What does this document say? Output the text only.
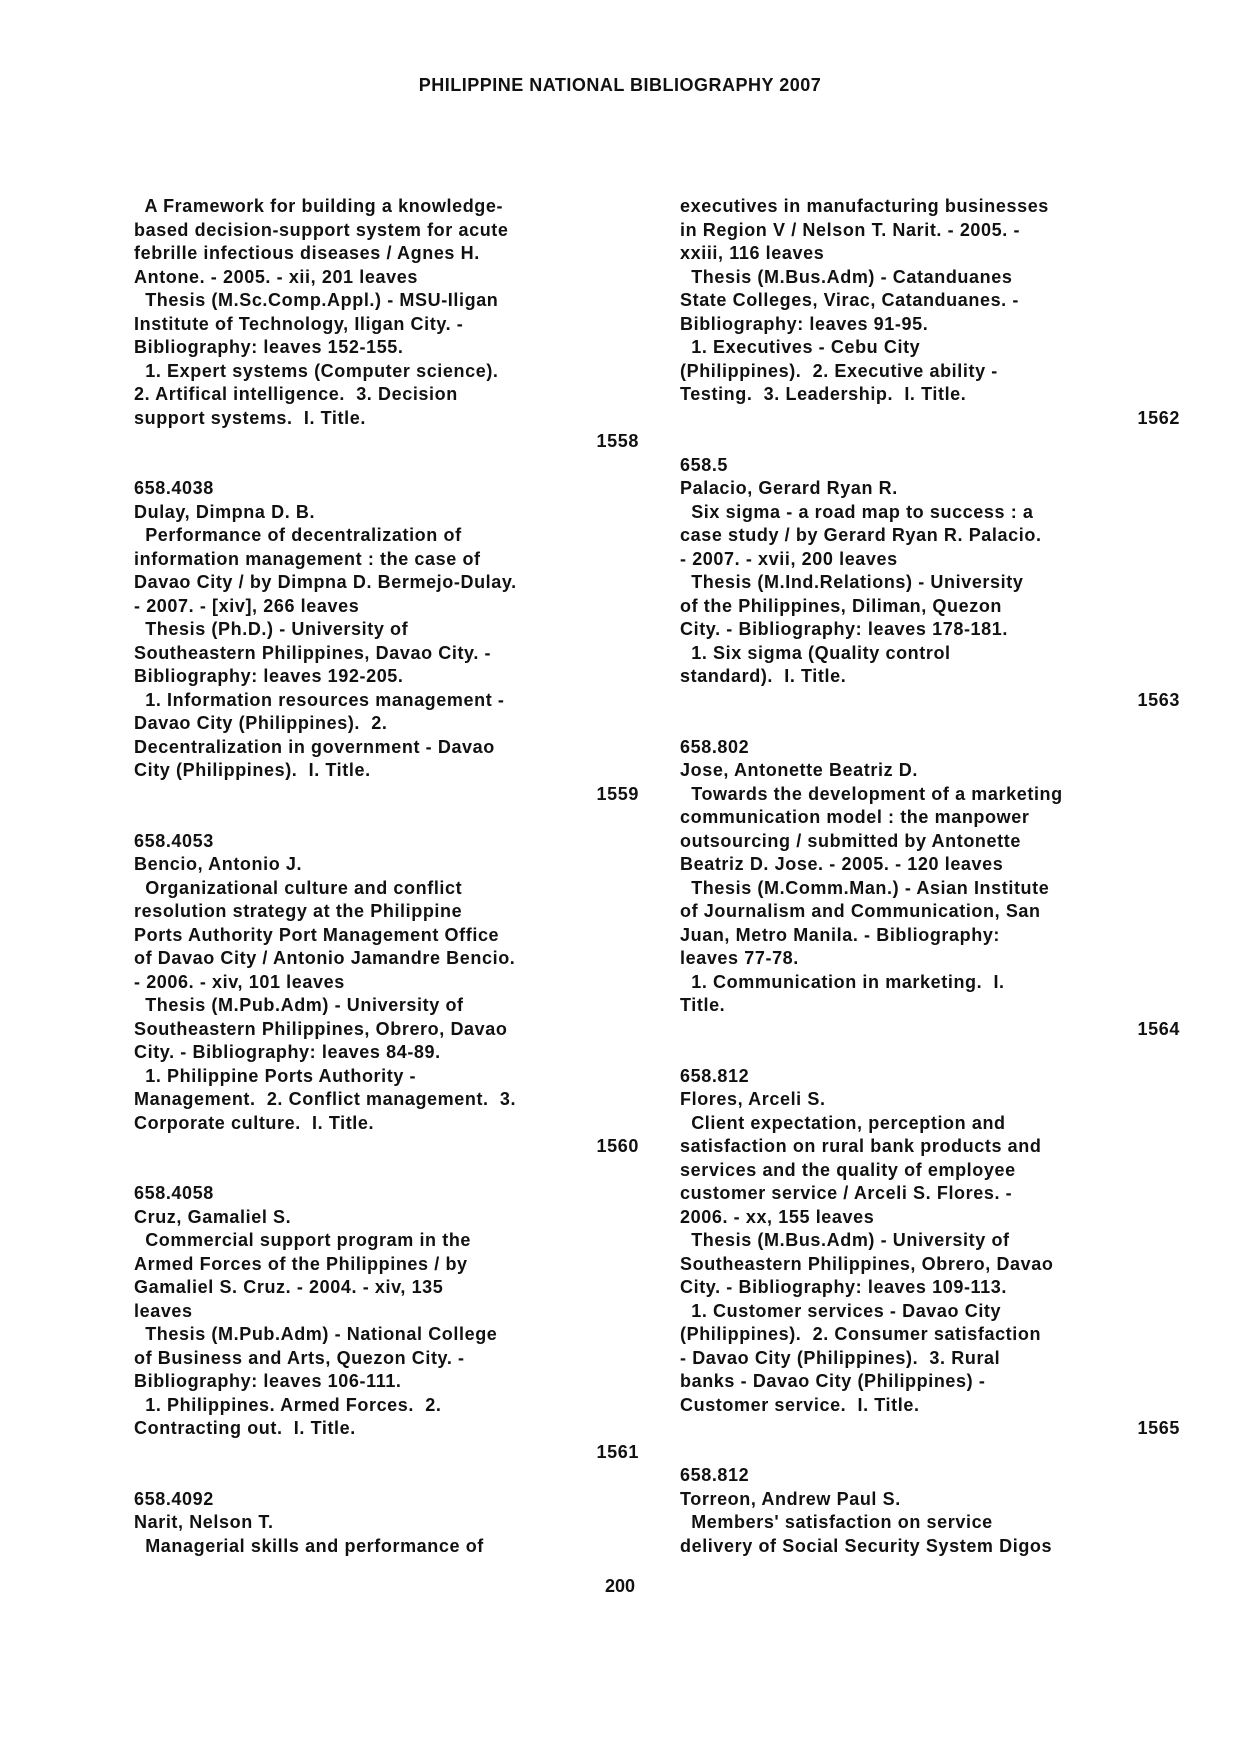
PHILIPPINE NATIONAL BIBLIOGRAPHY 2007
A Framework for building a knowledge-
based decision-support system for acute
febrille infectious diseases / Agnes H.
Antone. - 2005. - xii, 201 leaves
Thesis (M.Sc.Comp.Appl.) - MSU-Iligan
Institute of Technology, Iligan City. -
Bibliography: leaves 152-155.
1. Expert systems (Computer science).
2. Artifical intelligence.  3. Decision
support systems.  I. Title.
1558
658.4038
Dulay, Dimpna D. B.
Performance of decentralization of
information management : the case of
Davao City / by Dimpna D. Bermejo-Dulay.
- 2007. - [xiv], 266 leaves
Thesis (Ph.D.) - University of
Southeastern Philippines, Davao City. -
Bibliography: leaves 192-205.
1. Information resources management -
Davao City (Philippines).  2.
Decentralization in government - Davao
City (Philippines).  I. Title.
1559
658.4053
Bencio, Antonio J.
Organizational culture and conflict
resolution strategy at the Philippine
Ports Authority Port Management Office
of Davao City / Antonio Jamandre Bencio.
- 2006. - xiv, 101 leaves
Thesis (M.Pub.Adm) - University of
Southeastern Philippines, Obrero, Davao
City. - Bibliography: leaves 84-89.
1. Philippine Ports Authority -
Management.  2. Conflict management.  3.
Corporate culture.  I. Title.
1560
658.4058
Cruz, Gamaliel S.
Commercial support program in the
Armed Forces of the Philippines / by
Gamaliel S. Cruz. - 2004. - xiv, 135
leaves
Thesis (M.Pub.Adm) - National College
of Business and Arts, Quezon City. -
Bibliography: leaves 106-111.
1. Philippines. Armed Forces.  2.
Contracting out.  I. Title.
1561
658.4092
Narit, Nelson T.
Managerial skills and performance of
executives in manufacturing businesses
in Region V / Nelson T. Narit. - 2005. -
xxiii, 116 leaves
Thesis (M.Bus.Adm) - Catanduanes
State Colleges, Virac, Catanduanes. -
Bibliography: leaves 91-95.
1. Executives - Cebu City
(Philippines).  2. Executive ability -
Testing.  3. Leadership.  I. Title.
1562
658.5
Palacio, Gerard Ryan R.
Six sigma - a road map to success : a
case study / by Gerard Ryan R. Palacio.
- 2007. - xvii, 200 leaves
Thesis (M.Ind.Relations) - University
of the Philippines, Diliman, Quezon
City. - Bibliography: leaves 178-181.
1. Six sigma (Quality control
standard).  I. Title.
1563
658.802
Jose, Antonette Beatriz D.
Towards the development of a marketing
communication model : the manpower
outsourcing / submitted by Antonette
Beatriz D. Jose. - 2005. - 120 leaves
Thesis (M.Comm.Man.) - Asian Institute
of Journalism and Communication, San
Juan, Metro Manila. - Bibliography:
leaves 77-78.
1. Communication in marketing.  I.
Title.
1564
658.812
Flores, Arceli S.
Client expectation, perception and
satisfaction on rural bank products and
services and the quality of employee
customer service / Arceli S. Flores. -
2006. - xx, 155 leaves
Thesis (M.Bus.Adm) - University of
Southeastern Philippines, Obrero, Davao
City. - Bibliography: leaves 109-113.
1. Customer services - Davao City
(Philippines).  2. Consumer satisfaction
- Davao City (Philippines).  3. Rural
banks - Davao City (Philippines) -
Customer service.  I. Title.
1565
658.812
Torreon, Andrew Paul S.
Members' satisfaction on service
delivery of Social Security System Digos
200
